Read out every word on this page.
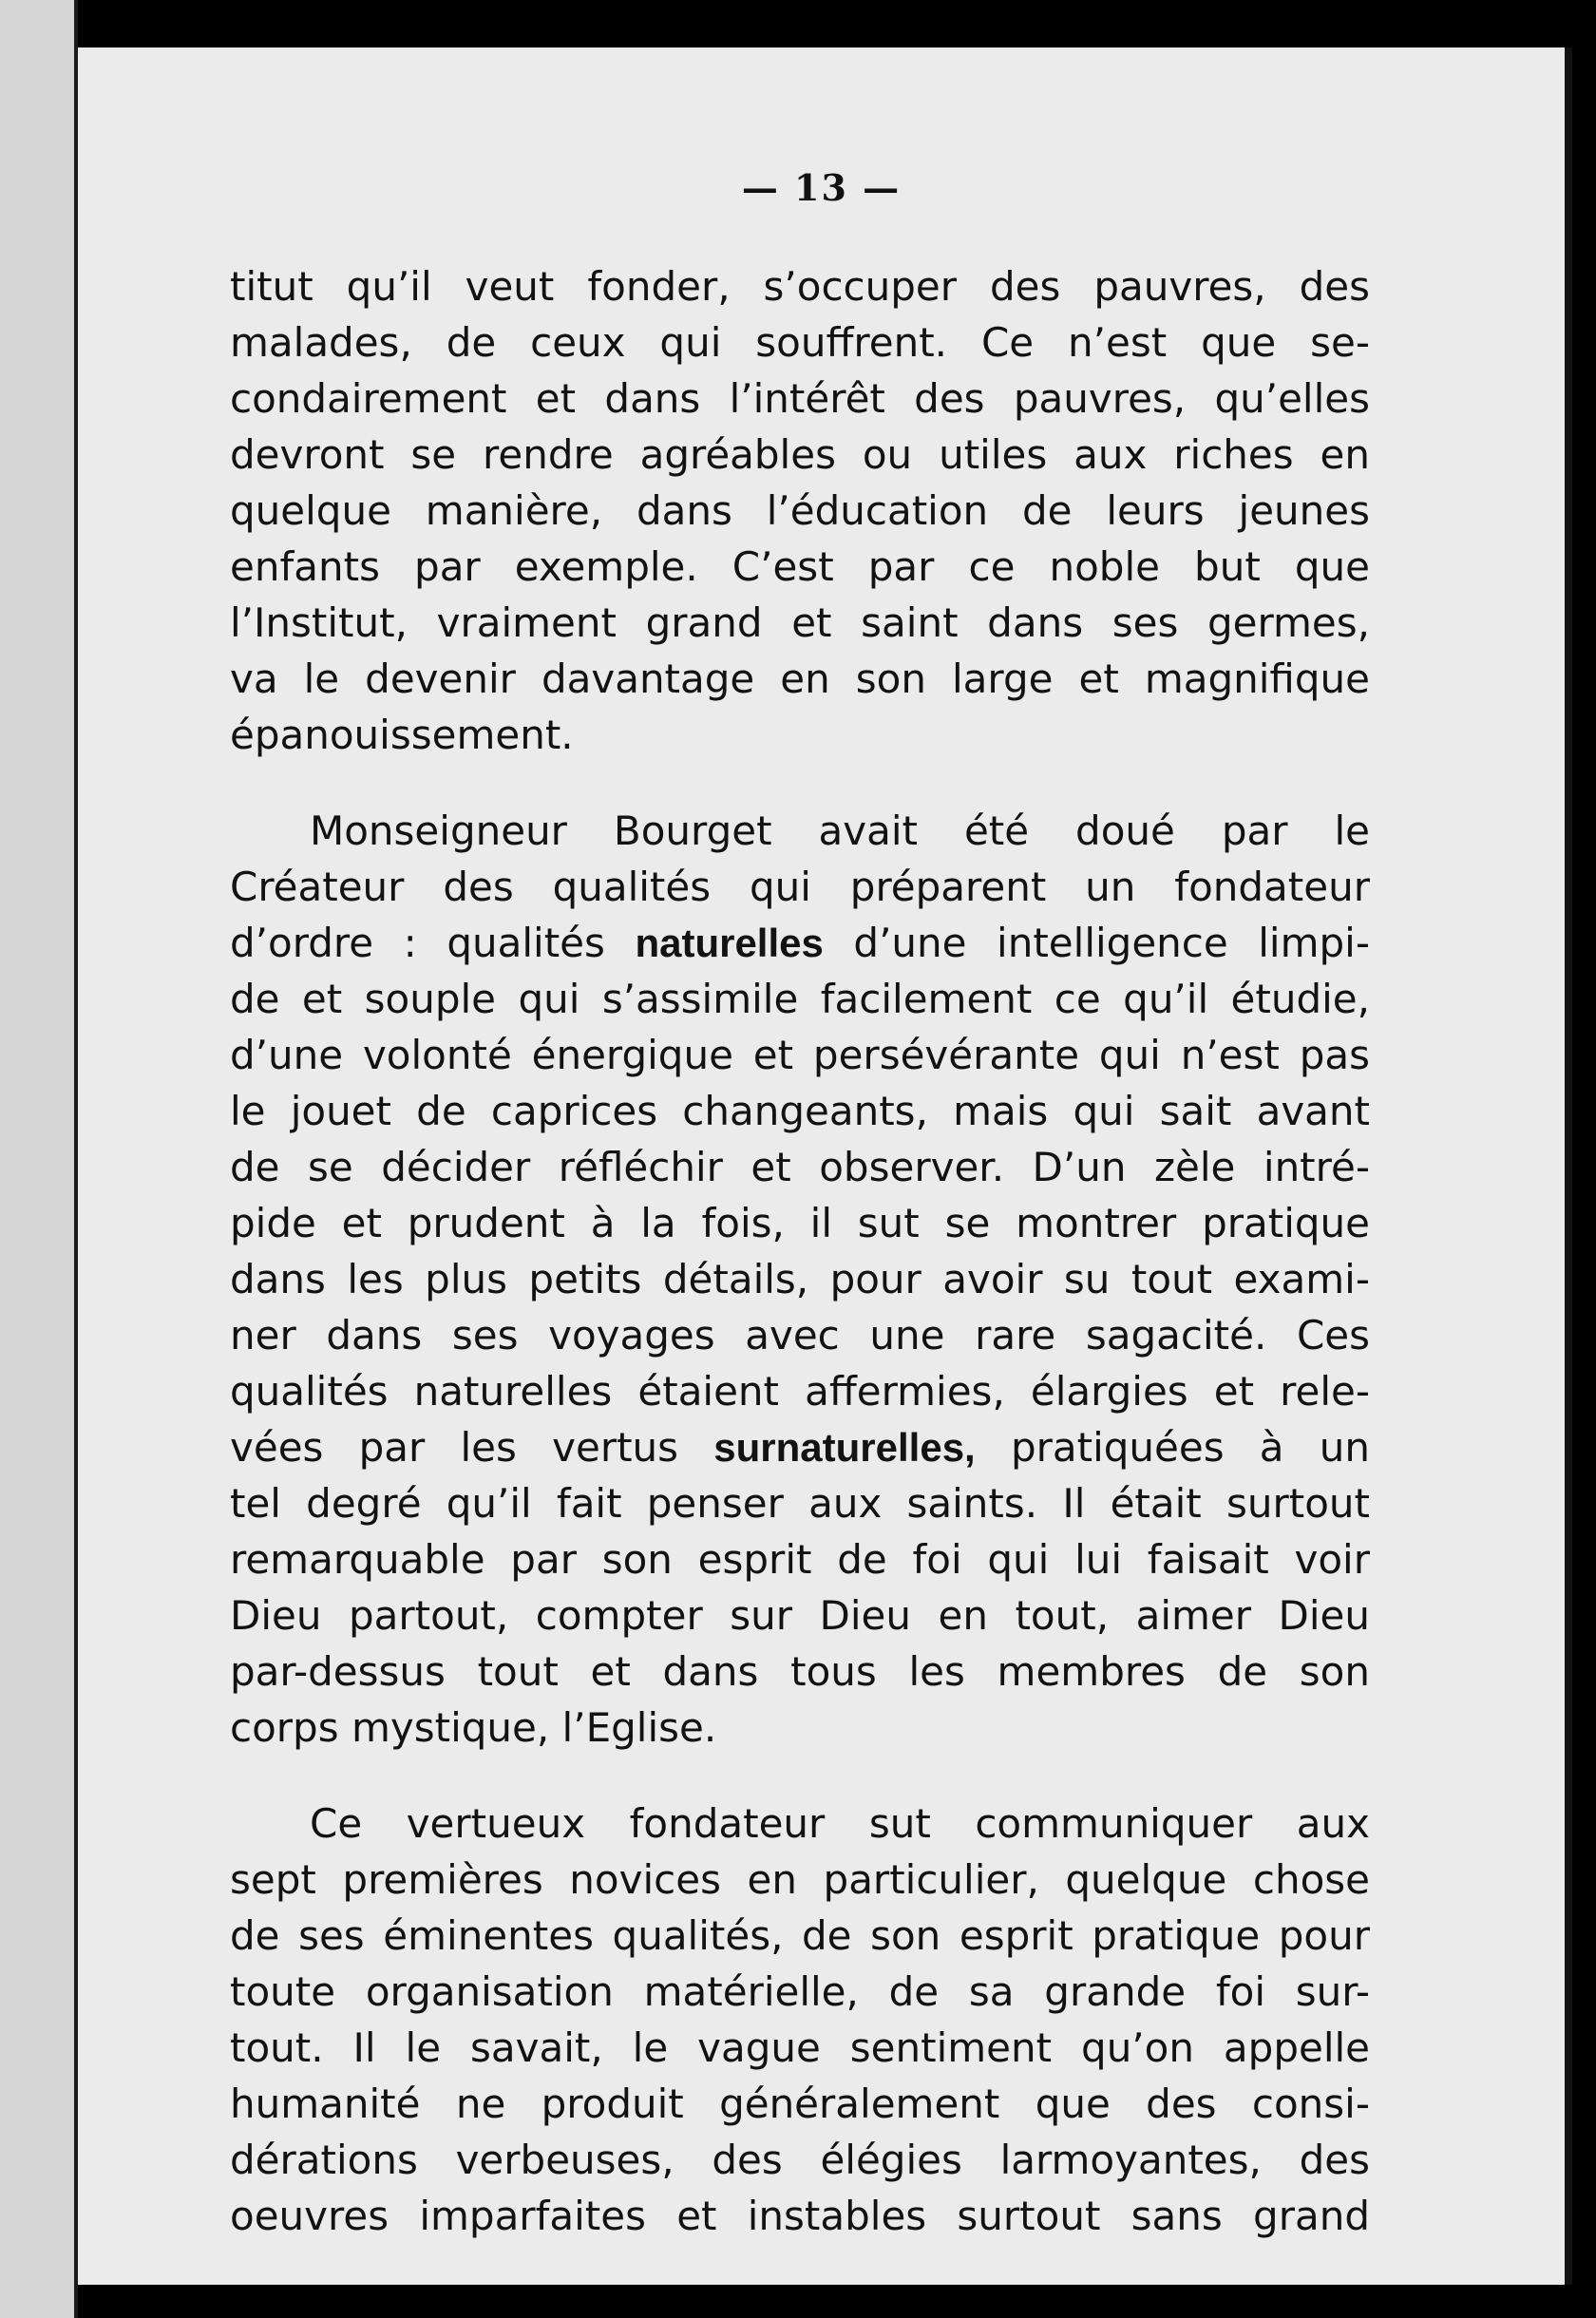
— 13 —
titut qu’il veut fonder, s’occuper des pauvres, des
malades, de ceux qui souffrent. Ce n’est que se-
condairement et dans l’intérêt des pauvres, qu’elles
devront se rendre agréables ou utiles aux riches en
quelque manière, dans l’éducation de leurs jeunes
enfants par exemple. C’est par ce noble but que
l’Institut, vraiment grand et saint dans ses germes,
va le devenir davantage en son large et magnifique
épanouissement.
Monseigneur Bourget avait été doué par le
Créateur des qualités qui préparent un fondateur
d’ordre : qualités naturelles d’une intelligence limpi-
de et souple qui s’assimile facilement ce qu’il étudie,
d’une volonté énergique et persévérante qui n’est pas
le jouet de caprices changeants, mais qui sait avant
de se décider réfléchir et observer. D’un zèle intré-
pide et prudent à la fois, il sut se montrer pratique
dans les plus petits détails, pour avoir su tout exami-
ner dans ses voyages avec une rare sagacité. Ces
qualités naturelles étaient affermies, élargies et rele-
vées par les vertus surnaturelles, pratiquées à un
tel degré qu’il fait penser aux saints. Il était surtout
remarquable par son esprit de foi qui lui faisait voir
Dieu partout, compter sur Dieu en tout, aimer Dieu
par-dessus tout et dans tous les membres de son
corps mystique, l’Eglise.
Ce vertueux fondateur sut communiquer aux
sept premières novices en particulier, quelque chose
de ses éminentes qualités, de son esprit pratique pour
toute organisation matérielle, de sa grande foi sur-
tout. Il le savait, le vague sentiment qu’on appelle
humanité ne produit généralement que des consi-
dérations verbeuses, des élégies larmoyantes, des
oeuvres imparfaites et instables surtout sans grand
